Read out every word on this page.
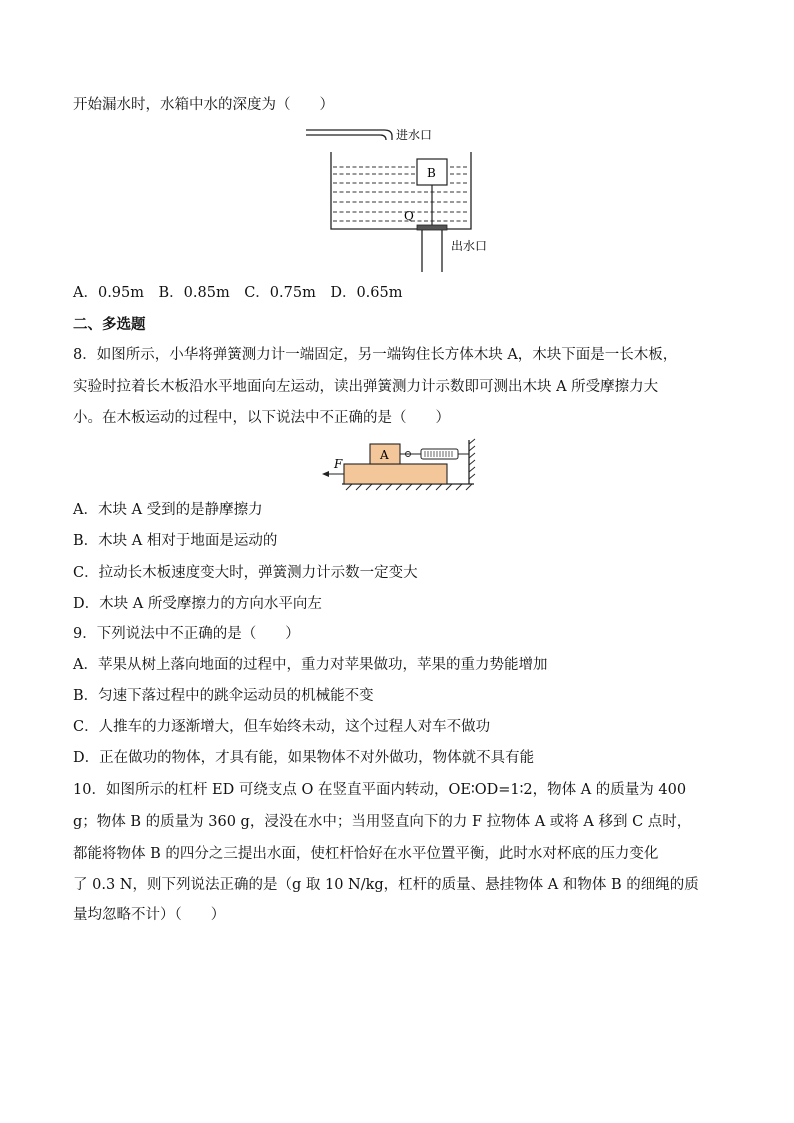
开始漏水时，水箱中水的深度为（　　）
进水口
B
Q
出水口
A．0.95m　B．0.85m　C．0.75m　D．0.65m
二、多选题
8．如图所示，小华将弹簧测力计一端固定，另一端钩住长方体木块 A，木块下面是一长木板，
实验时拉着长木板沿水平地面向左运动，读出弹簧测力计示数即可测出木块 A 所受摩擦力大
小。在木板运动的过程中，以下说法中不正确的是（　　）
A
F
A．木块 A 受到的是静摩擦力
B．木块 A 相对于地面是运动的
C．拉动长木板速度变大时，弹簧测力计示数一定变大
D．木块 A 所受摩擦力的方向水平向左
9．下列说法中不正确的是（　　）
A．苹果从树上落向地面的过程中，重力对苹果做功，苹果的重力势能增加
B．匀速下落过程中的跳伞运动员的机械能不变
C．人推车的力逐渐增大，但车始终未动，这个过程人对车不做功
D．正在做功的物体，才具有能，如果物体不对外做功，物体就不具有能
10．如图所示的杠杆 ED 可绕支点 O 在竖直平面内转动，OE∶OD=1∶2，物体 A 的质量为 400
g；物体 B 的质量为 360 g，浸没在水中；当用竖直向下的力 F 拉物体 A 或将 A 移到 C 点时，
都能将物体 B 的四分之三提出水面，使杠杆恰好在水平位置平衡，此时水对杯底的压力变化
了 0.3 N，则下列说法正确的是（g 取 10 N/kg，杠杆的质量、悬挂物体 A 和物体 B 的细绳的质
量均忽略不计）（　　）
